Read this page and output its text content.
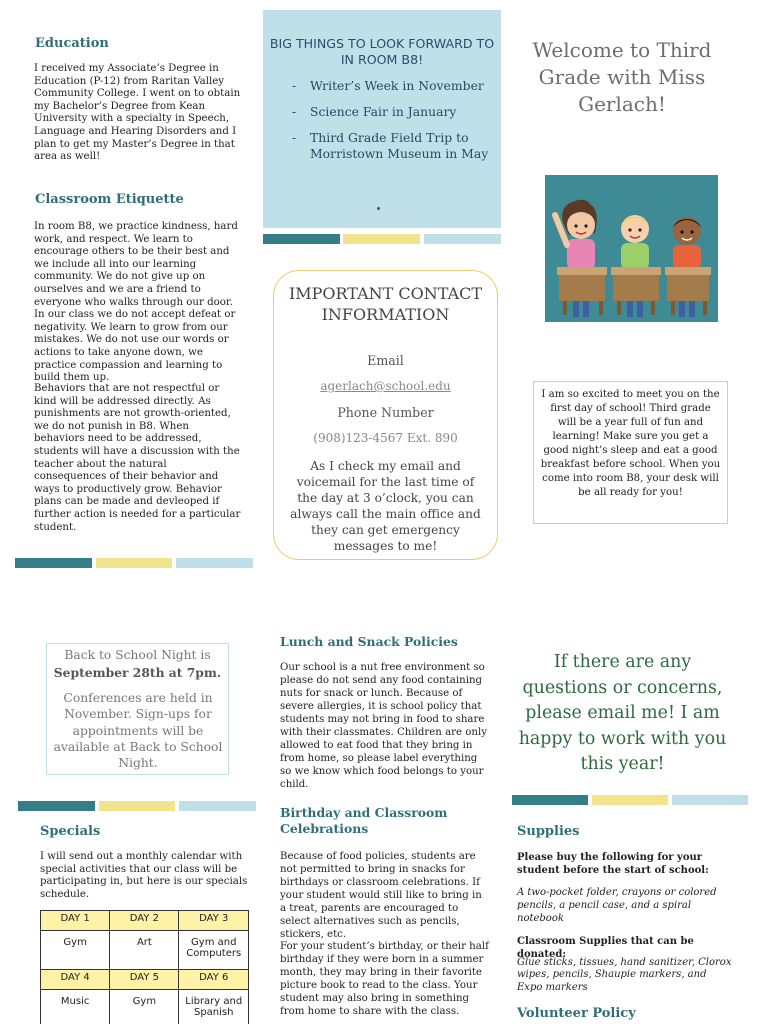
Education

I received my Associate’s Degree in Education (P-12) from Raritan Valley Community College. I went on to obtain my Bachelor’s Degree from Kean University with a specialty in Speech, Language and Hearing Disorders and I plan to get my Master’s Degree in that area as well!

Classroom Etiquette

In room B8, we practice kindness, hard work, and respect. We learn to encourage others to be their best and we include all into our learning community. We do not give up on ourselves and we are a friend to everyone who walks through our door. In our class we do not accept defeat or negativity. We learn to grow from our mistakes. We do not use our words or actions to take anyone down, we practice compassion and learning to build them up.

Behaviors that are not respectful or kind will be addressed directly. As punishments are not growth-oriented, we do not punish in B8. When behaviors need to be addressed, students will have a discussion with the teacher about the natural consequences of their behavior and ways to productively grow. Behavior plans can be made and devleoped if further action is needed for a particular student.

BIG THINGS TO LOOK FORWARD TO IN ROOM B8!
- Writer’s Week in November
- Science Fair in January
- Third Grade Field Trip to Morristown Museum in May
IMPORTANT CONTACT INFORMATION
Email
agerlach@school.edu
Phone Number
(908)123-4567 Ext. 890

As I check my email and voicemail for the last time of the day at 3 o’clock, you can always call the main office and they can get emergency messages to me!

Welcome to Third Grade with Miss Gerlach!

I am so excited to meet you on the first day of school! Third grade will be a year full of fun and learning! Make sure you get a good night’s sleep and eat a good breakfast before school. When you come into room B8, your desk will be all ready for you!

Back to School Night is
September 28th at 7pm.

Conferences are held in November. Sign-ups for appointments will be available at Back to School Night.

Specials

I will send out a monthly calendar with special activities that our class will be participating in, but here is our specials schedule.

DAY 1	DAY 2	DAY 3
Gym	Art	Gym and Computers
DAY 4	DAY 5	DAY 6
Music	Gym	Library and Spanish
Lunch and Snack Policies

Our school is a nut free environment so please do not send any food containing nuts for snack or lunch. Because of severe allergies, it is school policy that students may not bring in food to share with their classmates. Children are only allowed to eat food that they bring in from home, so please label everything so we know which food belongs to your child.

Birthday and Classroom Celebrations

Because of food policies, students are not permitted to bring in snacks for birthdays or classroom celebrations. If your student would still like to bring in a treat, parents are encouraged to select alternatives such as pencils, stickers, etc.

For your student’s birthday, or their half birthday if they were born in a summer month, they may bring in their favorite picture book to read to the class. Your student may also bring in something from home to share with the class.

If there are any questions or concerns, please email me! I am happy to work with you this year!
Supplies

Please buy the following for your student before the start of school:

A two-pocket folder, crayons or colored pencils, a pencil case, and a spiral notebook

Classroom Supplies that can be donated:

Glue sticks, tissues, hand sanitizer, Clorox wipes, pencils, Shaupie markers, and Expo markers

Volunteer Policy
